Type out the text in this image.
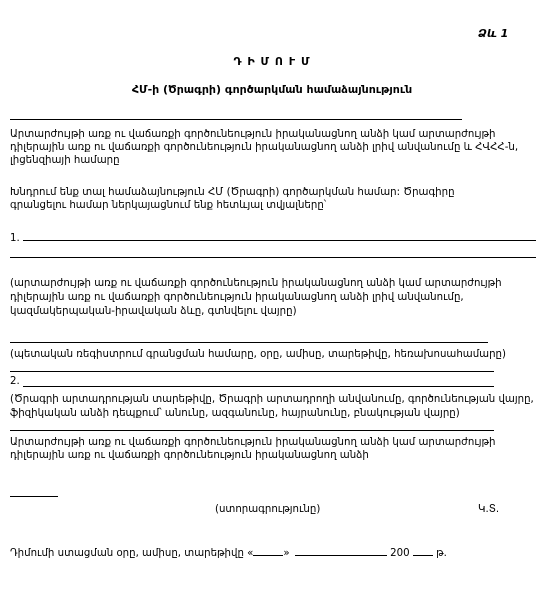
Ձև 1
Դ Ի Մ Ո Ւ Մ
ՀՄ-ի (Ծրագրի) գործարկման համաձայնություն
Արտարժույթի առք ու վաճառքի գործունեություն իրականացնող անձի կամ արտարժույթի դիլերային առք ու վաճառքի գործունեություն իրականացնող անձի լրիվ անվանումը և ՀՎՀՀ-ն, լիցենզիայի համարը
Խնդրում ենք տալ համաձայնություն ՀՄ (Ծրագրի) գործարկման համար: Ծրագիրը գրանցելու համար ներկայացնում ենք հետևյալ տվյալները՝
1.
(արտարժույթի առք ու վաճառքի գործունեություն իրականացնող անձի կամ արտարժույթի դիլերային առք ու վաճառքի գործունեություն իրականացնող անձի լրիվ անվանումը, կազմակերպական-իրավական ձևը, գտնվելու վայրը)
(պետական ռեգիստրում գրանցման համարը, օրը, ամիսը, տարեթիվը, հեռախոսահամարը)
2.
(Ծրագրի արտադրության տարեթիվը, Ծրագրի արտադրողի անվանումը, գործունեության վայրը, ֆիզիկական անձի դեպքում՝ անունը, ազգանունը, հայրանունը, բնակության վայրը)
Արտարժույթի առք ու վաճառքի գործունեություն իրականացնող անձի կամ արտարժույթի դիլերային առք ու վաճառքի գործունեություն իրականացնող անձի
(ստորագրությունը)	Կ.Տ.
Դիմումի ստացման օրը, ամիսը, տարեթիվը «	»	200	թ.
